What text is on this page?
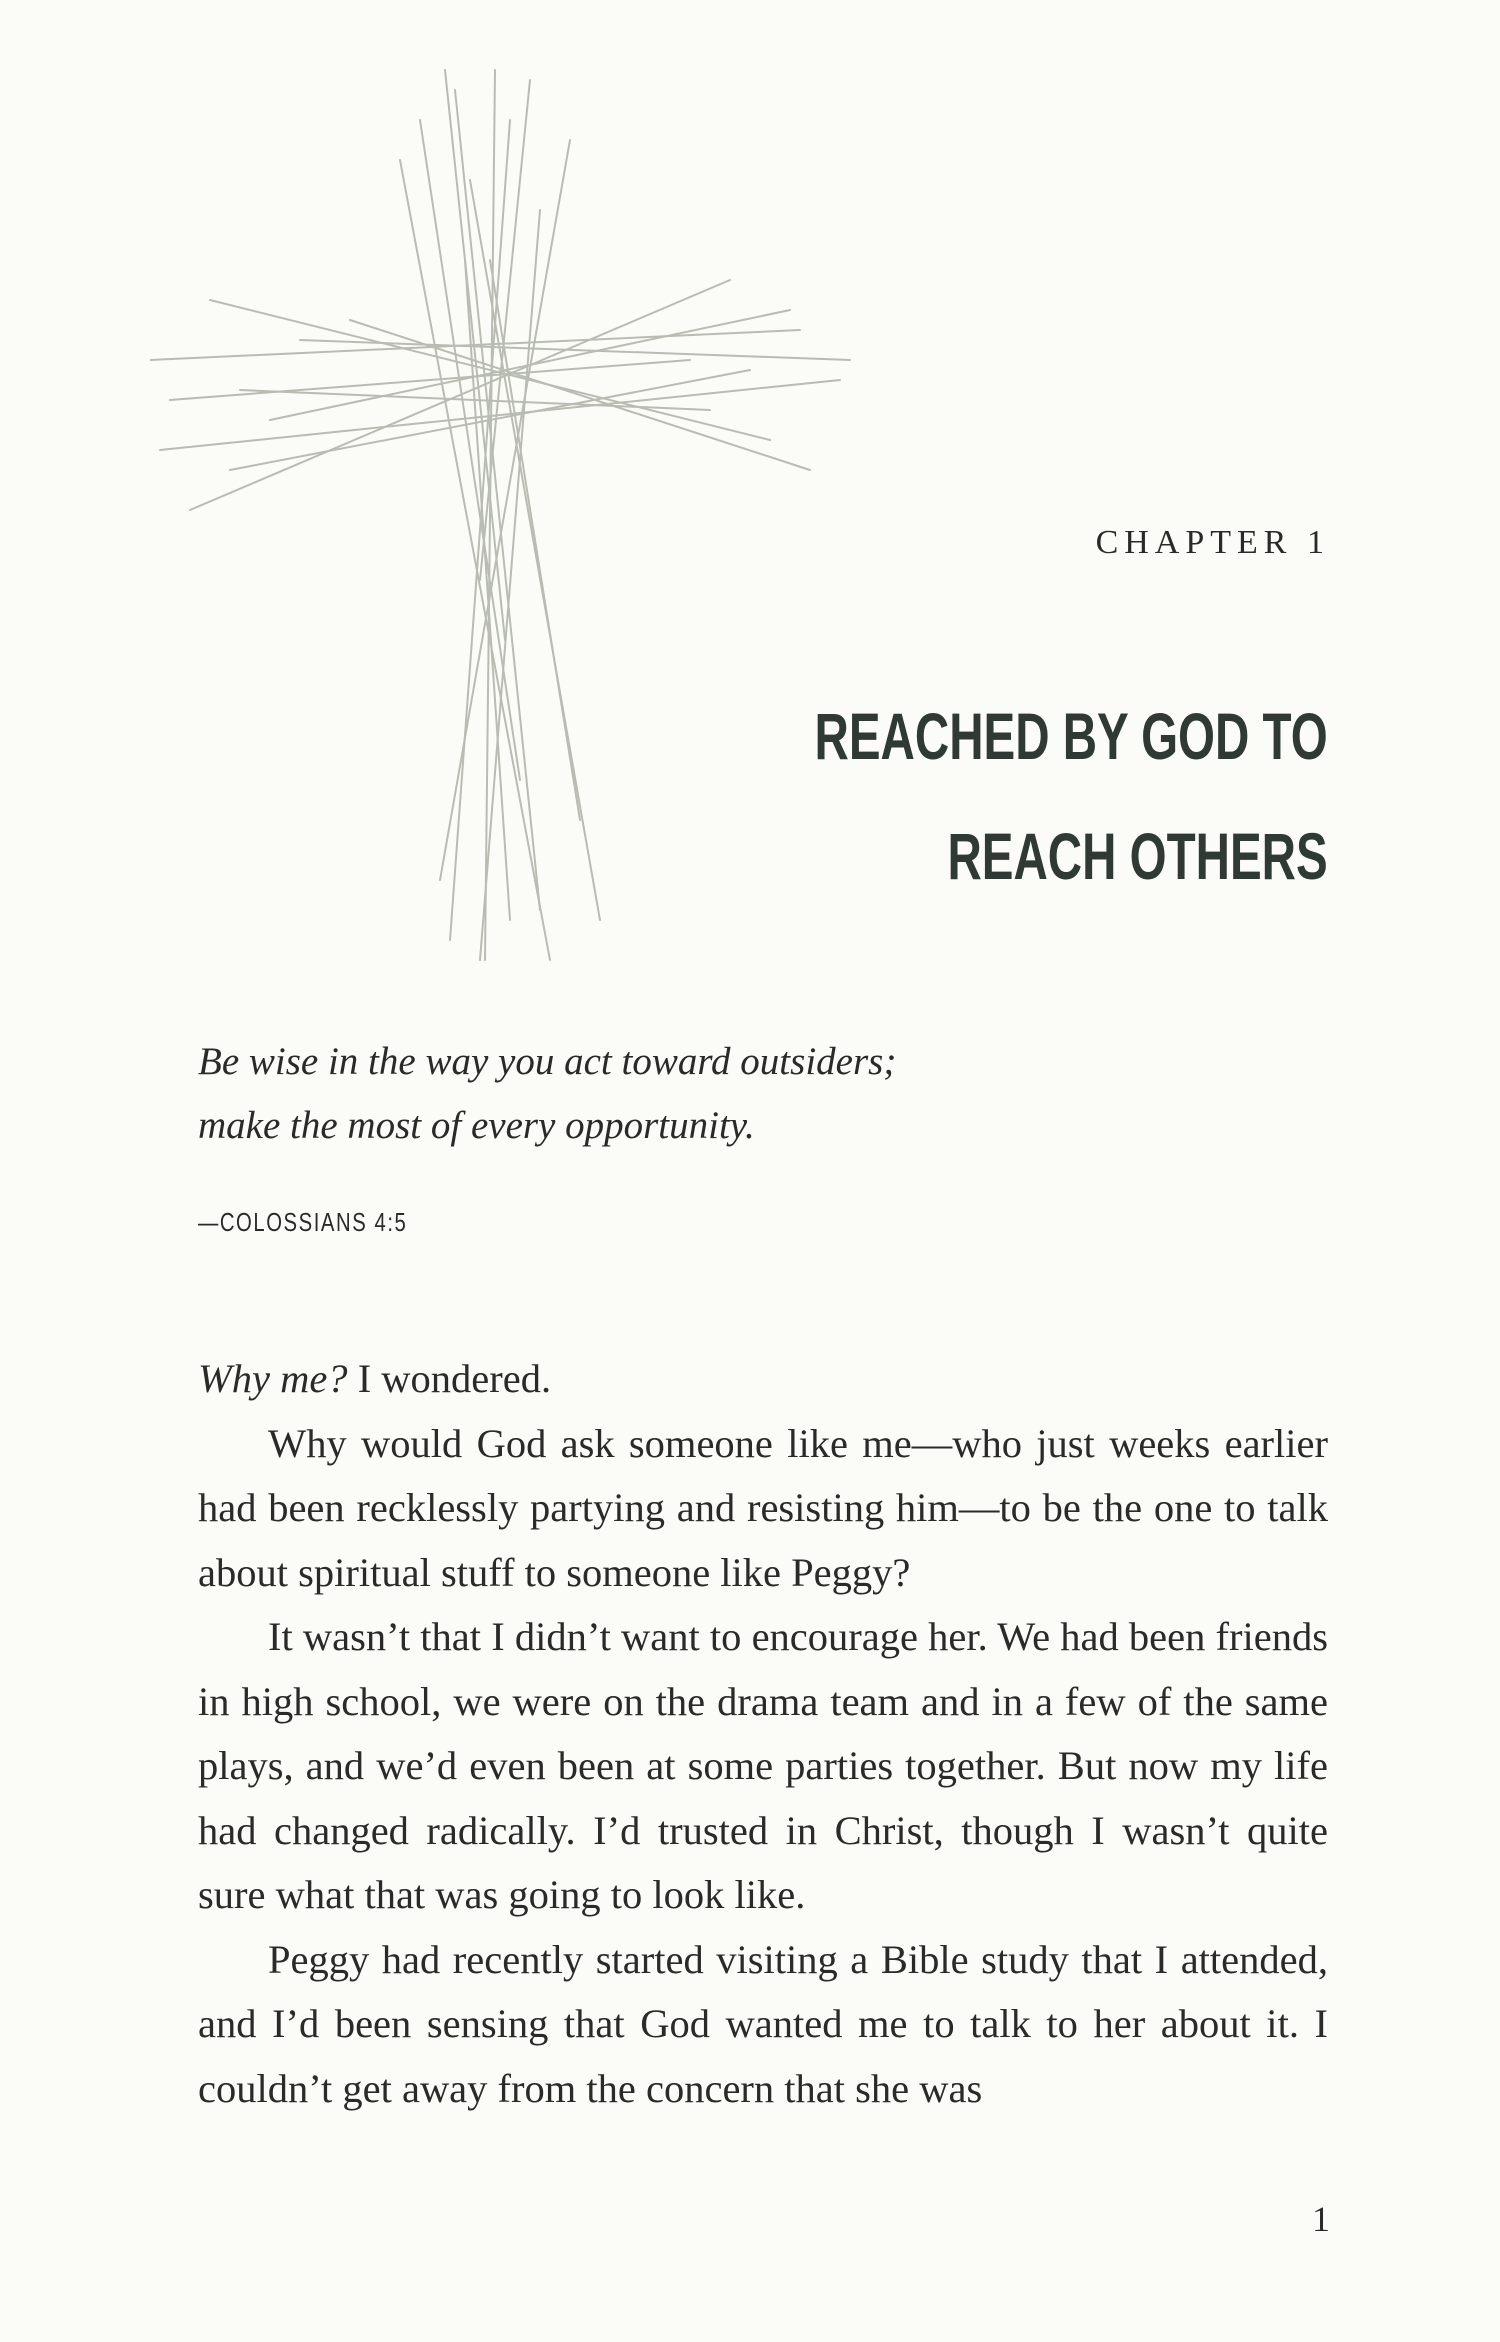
CHAPTER 1

REACHED BY GOD TO
REACH OTHERS

Be wise in the way you act toward outsiders;
make the most of every opportunity.

—COLOSSIANS 4:5

Why me? I wondered.

Why would God ask someone like me—who just weeks earlier had been recklessly partying and resisting him—to be the one to talk about spiritual stuff to someone like Peggy?

It wasn’t that I didn’t want to encourage her. We had been friends in high school, we were on the drama team and in a few of the same plays, and we’d even been at some parties together. But now my life had changed radically. I’d trusted in Christ, though I wasn’t quite sure what that was going to look like.

Peggy had recently started visiting a Bible study that I attended, and I’d been sensing that God wanted me to talk to her about it. I couldn’t get away from the concern that she was

1
